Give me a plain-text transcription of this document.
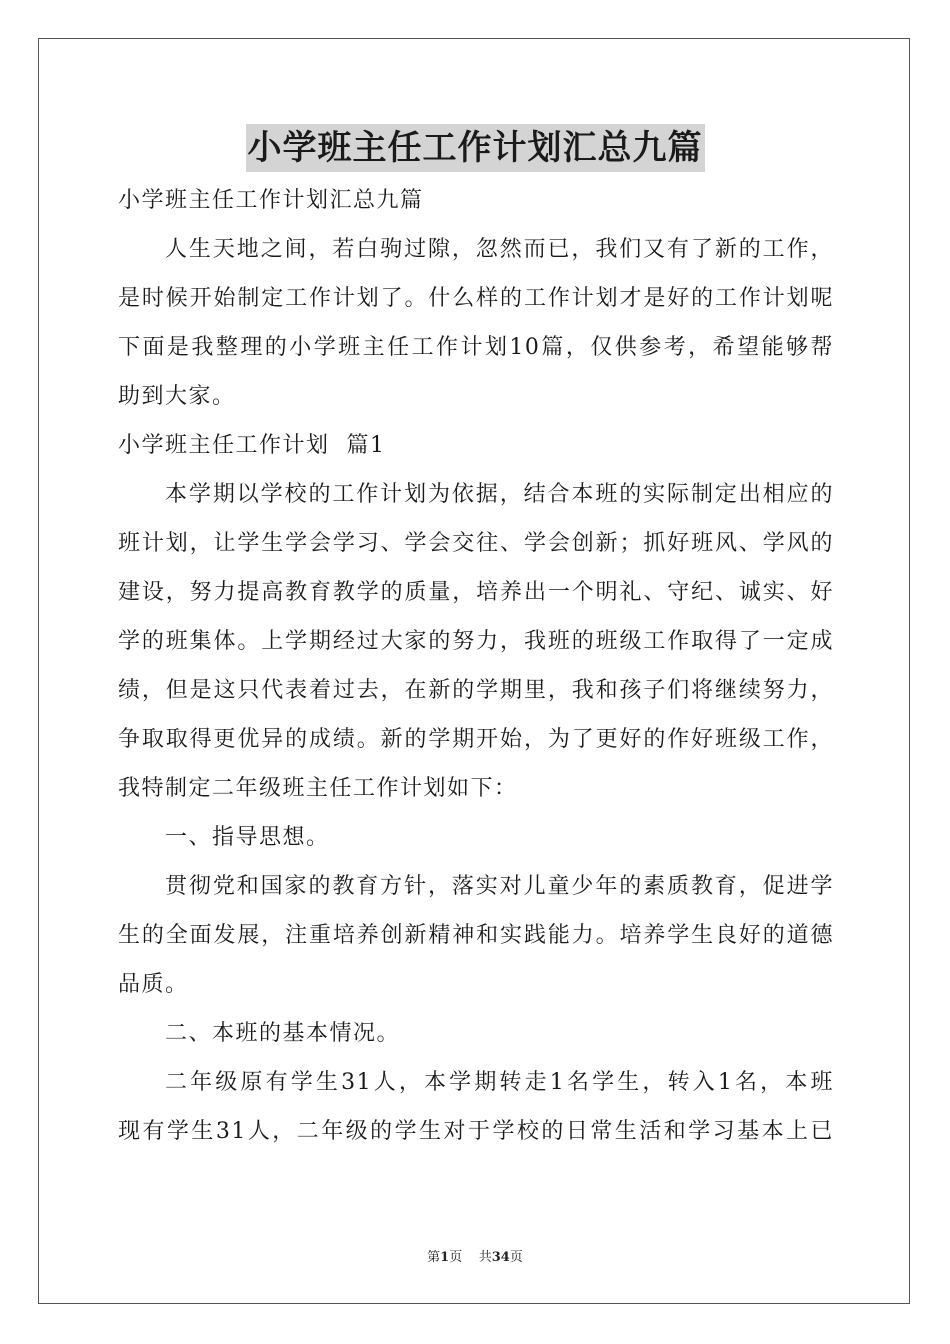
小学班主任工作计划汇总九篇
小学班主任工作计划汇总九篇
人生天地之间，若白驹过隙，忽然而已，我们又有了新的工作，
是时候开始制定工作计划了。什么样的工作计划才是好的工作计划呢
下面是我整理的小学班主任工作计划10篇，仅供参考，希望能够帮
助到大家。
小学班主任工作计划  篇1
本学期以学校的工作计划为依据，结合本班的实际制定出相应的
班计划，让学生学会学习、学会交往、学会创新；抓好班风、学风的
建设，努力提高教育教学的质量，培养出一个明礼、守纪、诚实、好
学的班集体。上学期经过大家的努力，我班的班级工作取得了一定成
绩，但是这只代表着过去，在新的学期里，我和孩子们将继续努力，
争取取得更优异的成绩。新的学期开始，为了更好的作好班级工作，
我特制定二年级班主任工作计划如下：
一、指导思想。
贯彻党和国家的教育方针，落实对儿童少年的素质教育，促进学
生的全面发展，注重培养创新精神和实践能力。培养学生良好的道德
品质。
二、本班的基本情况。
二年级原有学生31人，本学期转走1名学生，转入1名，本班
现有学生31人，二年级的学生对于学校的日常生活和学习基本上已
第1页    共34页
